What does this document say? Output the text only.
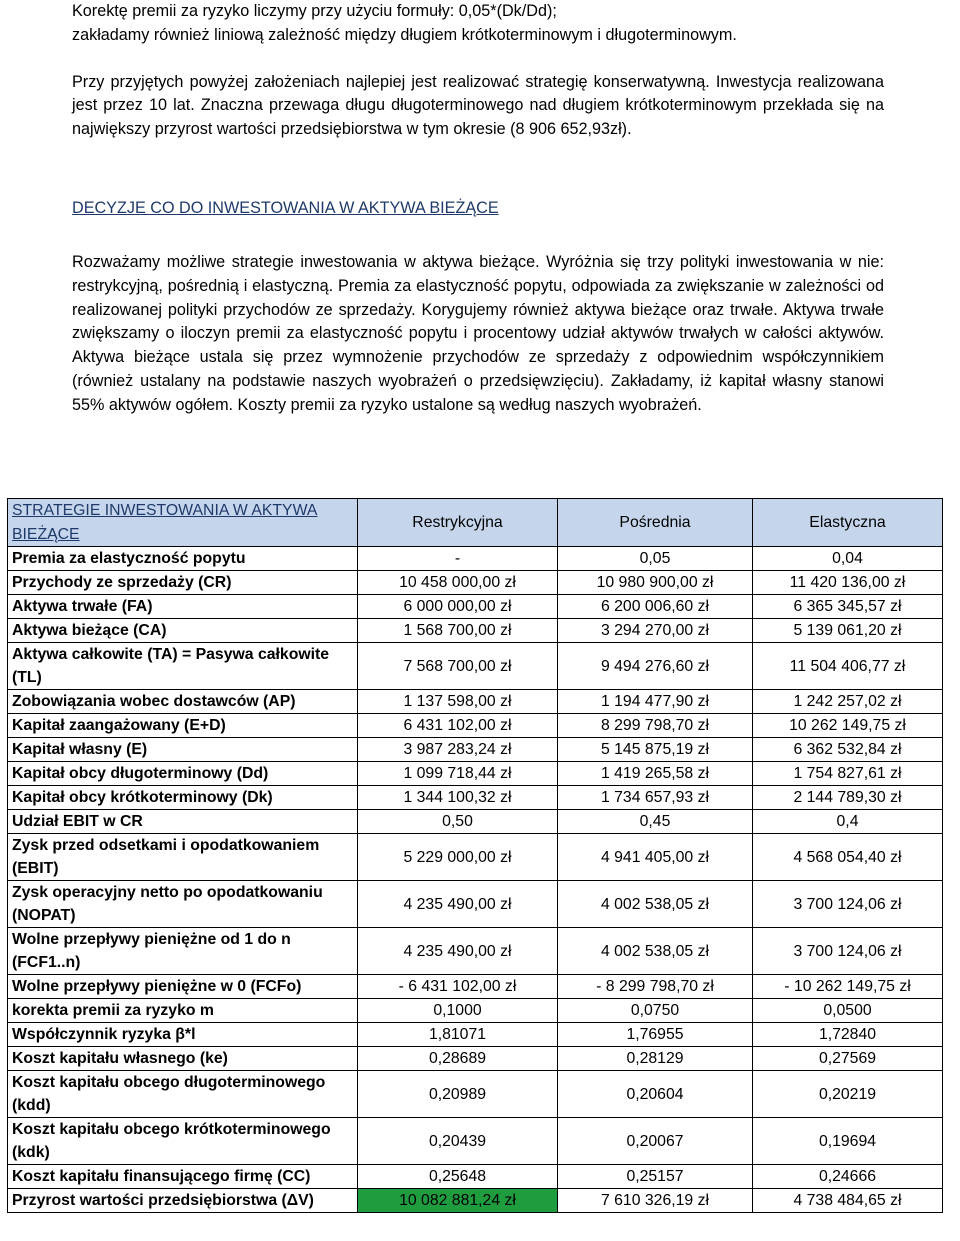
Korektę premii za ryzyko liczymy przy użyciu formuły: 0,05*(Dk/Dd);
zakładamy również liniową zależność między długiem krótkoterminowym i długoterminowym.

Przy przyjętych powyżej założeniach najlepiej jest realizować strategię konserwatywną. Inwestycja realizowana jest przez 10 lat. Znaczna przewaga długu długoterminowego nad długiem krótkoterminowym przekłada się na największy przyrost wartości przedsiębiorstwa w tym okresie (8 906 652,93zł).

DECYZJE CO DO INWESTOWANIA W AKTYWA BIEŻĄCE

Rozważamy możliwe strategie inwestowania w aktywa bieżące. Wyróżnia się trzy polityki inwestowania w nie: restrykcyjną, pośrednią i elastyczną. Premia za elastyczność popytu, odpowiada za zwiększanie w zależności od realizowanej polityki przychodów ze sprzedaży. Korygujemy również aktywa bieżące oraz trwałe. Aktywa trwałe zwiększamy o iloczyn premii za elastyczność popytu i procentowy udział aktywów trwałych w całości aktywów. Aktywa bieżące ustala się przez wymnożenie przychodów ze sprzedaży z odpowiednim współczynnikiem (również ustalany na podstawie naszych wyobrażeń o przedsięwzięciu). Zakładamy, iż kapitał własny stanowi 55% aktywów ogółem. Koszty premii za ryzyko ustalone są według naszych wyobrażeń.

STRATEGIE INWESTOWANIA W AKTYWA BIEŻĄCE	Restrykcyjna	Pośrednia	Elastyczna
Premia za elastyczność popytu	-	0,05	0,04
Przychody ze sprzedaży (CR)	10 458 000,00 zł	10 980 900,00 zł	11 420 136,00 zł
Aktywa trwałe (FA)	6 000 000,00 zł	6 200 006,60 zł	6 365 345,57 zł
Aktywa bieżące (CA)	1 568 700,00 zł	3 294 270,00 zł	5 139 061,20 zł
Aktywa całkowite (TA) = Pasywa całkowite (TL)	7 568 700,00 zł	9 494 276,60 zł	11 504 406,77 zł
Zobowiązania wobec dostawców (AP)	1 137 598,00 zł	1 194 477,90 zł	1 242 257,02 zł
Kapitał zaangażowany (E+D)	6 431 102,00 zł	8 299 798,70 zł	10 262 149,75 zł
Kapitał własny (E)	3 987 283,24 zł	5 145 875,19 zł	6 362 532,84 zł
Kapitał obcy długoterminowy (Dd)	1 099 718,44 zł	1 419 265,58 zł	1 754 827,61 zł
Kapitał obcy krótkoterminowy (Dk)	1 344 100,32 zł	1 734 657,93 zł	2 144 789,30 zł
Udział EBIT w CR	0,50	0,45	0,4
Zysk przed odsetkami i opodatkowaniem (EBIT)	5 229 000,00 zł	4 941 405,00 zł	4 568 054,40 zł
Zysk operacyjny netto po opodatkowaniu (NOPAT)	4 235 490,00 zł	4 002 538,05 zł	3 700 124,06 zł
Wolne przepływy pieniężne od 1 do n (FCF1..n)	4 235 490,00 zł	4 002 538,05 zł	3 700 124,06 zł
Wolne przepływy pieniężne w 0 (FCFo)	- 6 431 102,00 zł	- 8 299 798,70 zł	- 10 262 149,75 zł
korekta premii za ryzyko m	0,1000	0,0750	0,0500
Współczynnik ryzyka β*l	1,81071	1,76955	1,72840
Koszt kapitału własnego (ke)	0,28689	0,28129	0,27569
Koszt kapitału obcego długoterminowego (kdd)	0,20989	0,20604	0,20219
Koszt kapitału obcego krótkoterminowego (kdk)	0,20439	0,20067	0,19694
Koszt kapitału finansującego firmę (CC)	0,25648	0,25157	0,24666
Przyrost wartości przedsiębiorstwa (ΔV)	10 082 881,24 zł	7 610 326,19 zł	4 738 484,65 zł
